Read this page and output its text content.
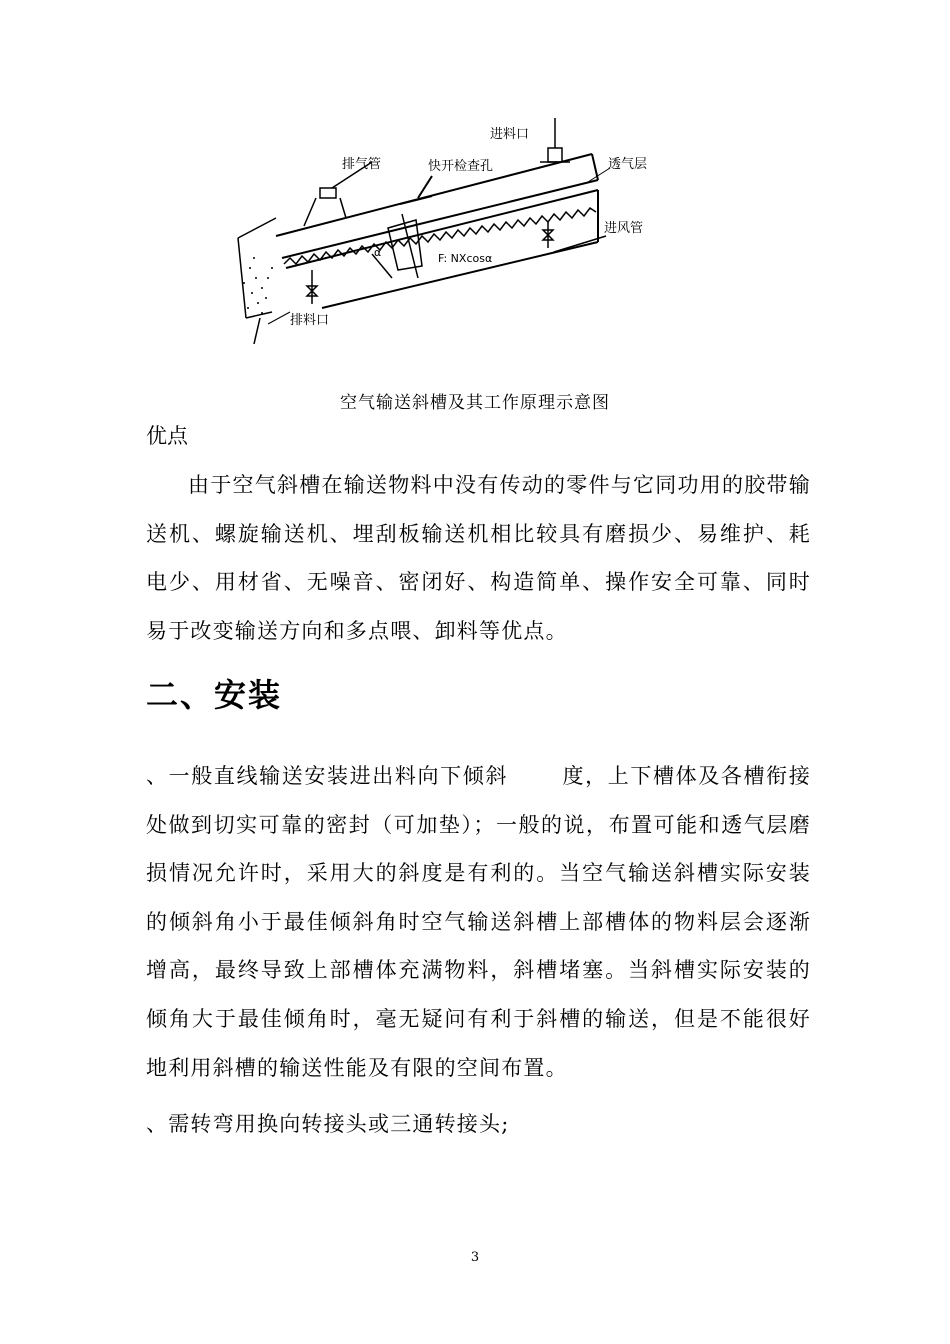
F: NXcosα
α
排气管	快开检查孔
进料口
透气层
进风管
排料口
空气输送斜槽及其工作原理示意图
优点

由于空气斜槽在输送物料中没有传动的零件与它同功用的胶带输送机、螺旋输送机、埋刮板输送机相比较具有磨损少、易维护、耗电少、用材省、无噪音、密闭好、构造简单、操作安全可靠、同时易于改变输送方向和多点喂、卸料等优点。

二、安装

、一般直线输送安装进出料向下倾斜	度，上下槽体及各槽衔接处做到切实可靠的密封（可加垫）；一般的说，布置可能和透气层磨损情况允许时，采用大的斜度是有利的。当空气输送斜槽实际安装的倾斜角小于最佳倾斜角时空气输送斜槽上部槽体的物料层会逐渐增高，最终导致上部槽体充满物料，斜槽堵塞。当斜槽实际安装的倾角大于最佳倾角时，毫无疑问有利于斜槽的输送，但是不能很好地利用斜槽的输送性能及有限的空间布置。

、需转弯用换向转接头或三通转接头;

3
